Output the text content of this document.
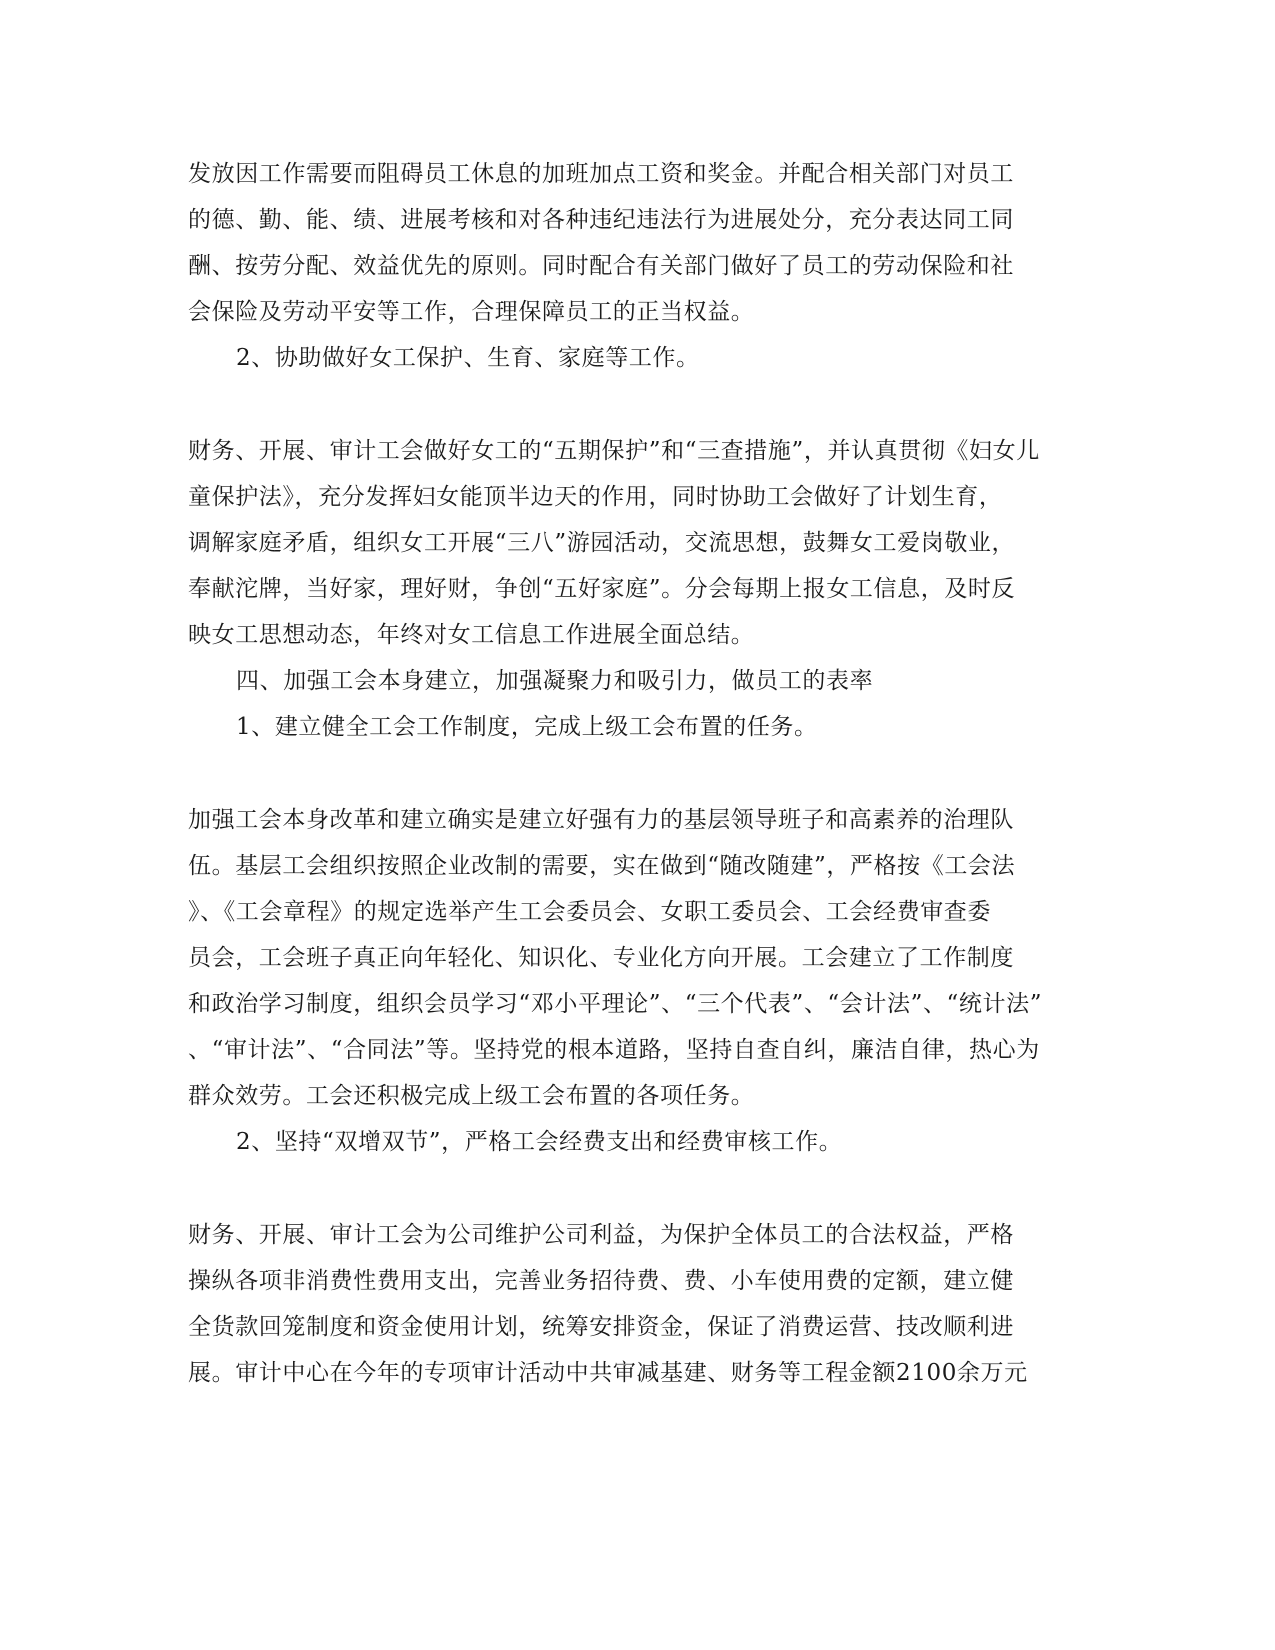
发放因工作需要而阻碍员工休息的加班加点工资和奖金。并配合相关部门对员工
的德、勤、能、绩、进展考核和对各种违纪违法行为进展处分，充分表达同工同
酬、按劳分配、效益优先的原则。同时配合有关部门做好了员工的劳动保险和社
会保险及劳动平安等工作，合理保障员工的正当权益。
2、协助做好女工保护、生育、家庭等工作。
财务、开展、审计工会做好女工的“五期保护”和“三查措施”，并认真贯彻《妇女儿
童保护法》，充分发挥妇女能顶半边天的作用，同时协助工会做好了计划生育，
调解家庭矛盾，组织女工开展“三八”游园活动，交流思想，鼓舞女工爱岗敬业，
奉献沱牌，当好家，理好财，争创“五好家庭”。分会每期上报女工信息，及时反
映女工思想动态，年终对女工信息工作进展全面总结。
四、加强工会本身建立，加强凝聚力和吸引力，做员工的表率
1、建立健全工会工作制度，完成上级工会布置的任务。
加强工会本身改革和建立确实是建立好强有力的基层领导班子和高素养的治理队
伍。基层工会组织按照企业改制的需要，实在做到“随改随建”，严格按《工会法
》、《工会章程》的规定选举产生工会委员会、女职工委员会、工会经费审查委
员会，工会班子真正向年轻化、知识化、专业化方向开展。工会建立了工作制度
和政治学习制度，组织会员学习“邓小平理论”、“三个代表”、“会计法”、“统计法”
、“审计法”、“合同法”等。坚持党的根本道路，坚持自查自纠，廉洁自律，热心为
群众效劳。工会还积极完成上级工会布置的各项任务。
2、坚持“双增双节”，严格工会经费支出和经费审核工作。
财务、开展、审计工会为公司维护公司利益，为保护全体员工的合法权益，严格
操纵各项非消费性费用支出，完善业务招待费、费、小车使用费的定额，建立健
全货款回笼制度和资金使用计划，统筹安排资金，保证了消费运营、技改顺利进
展。审计中心在今年的专项审计活动中共审减基建、财务等工程金额2100余万元
